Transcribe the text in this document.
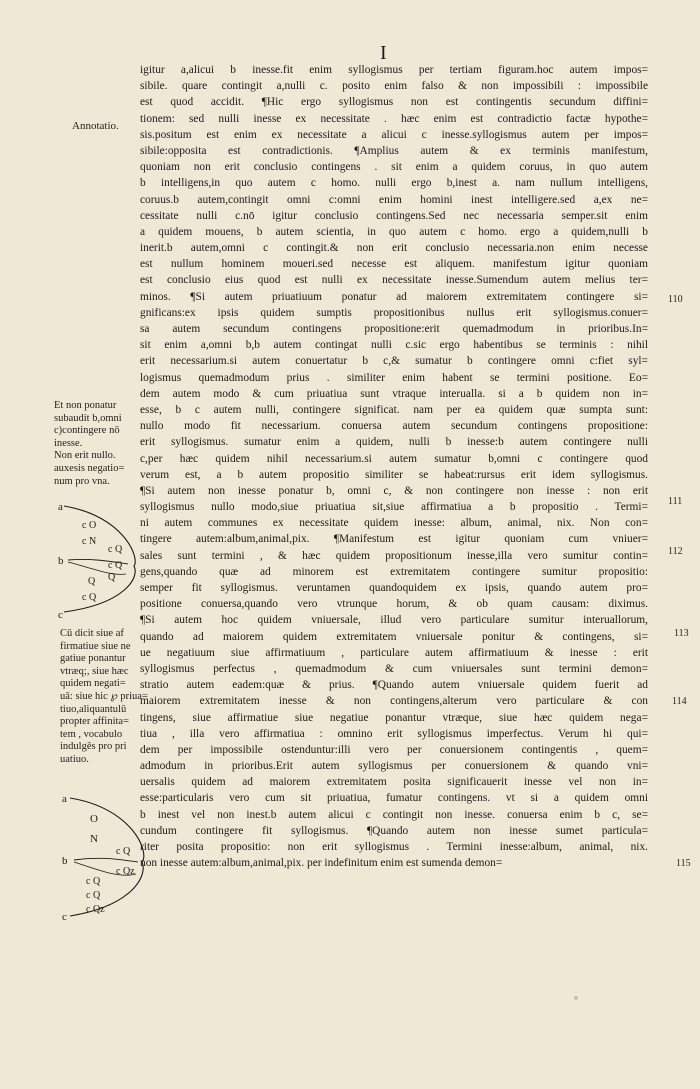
I
Annotatio.
igitur a,alicui b inesse.fit enim syllogismus per tertiam figuram.hoc autem impos=
sibile. quare contingit a,nulli c. posito enim falso & non impossibili : impossibile
est quod accidit. ¶Hic ergo syllogismus non est contingentis secundum diffini=
tionem: sed nulli inesse ex necessitate . hæc enim est contradictio factæ hypothe=
sis.positum est enim ex necessitate a alicui c inesse.syllogismus autem per impos=
sibile:opposita est contradictionis. ¶Amplius autem & ex terminis manifestum,
quoniam non erit conclusio contingens . sit enim a quidem coruus, in quo autem
b intelligens,in quo autem c homo. nulli ergo b,inest a. nam nullum intelligens,
coruus.b autem,contingit omni c:omni enim homini inest intelligere.sed a,ex ne=
cessitate nulli c.nō igitur conclusio contingens.Sed nec necessaria semper.sit enim
a quidem mouens, b autem scientia, in quo autem c homo. ergo a quidem,nulli b
inerit.b autem,omni c contingit.& non erit conclusio necessaria.non enim necesse
est nullum hominem moueri.sed necesse est aliquem. manifestum igitur quoniam
est conclusio eius quod est nulli ex necessitate inesse.Sumendum autem melius ter=
minos. ¶Si autem priuatiuum ponatur ad maiorem extremitatem contingere si=
gnificans:ex ipsis quidem sumptis propositionibus nullus erit syllogismus.conuer=
sa autem secundum contingens propositione:erit quemadmodum in prioribus.In=
sit enim a,omni b,b autem contingat nulli c.sic ergo habentibus se terminis : nihil
erit necessarium.si autem conuertatur b c,& sumatur b contingere omni c:fiet syl=
logismus quemadmodum prius . similiter enim habent se termini positione. Eo=
dem autem modo & cum priuatiua sunt vtraque interualla. si a b quidem non in=
esse, b c autem nulli, contingere significat. nam per ea quidem quæ sumpta sunt:
nullo modo fit necessarium. conuersa autem secundum contingens propositione:
erit syllogismus. sumatur enim a quidem, nulli b inesse:b autem contingere nulli
c,per hæc quidem nihil necessarium.si autem sumatur b,omni c contingere quod
verum est, a b autem propositio similiter se habeat:rursus erit idem syllogismus.
¶Si autem non inesse ponatur b, omni c, & non contingere non inesse : non erit
syllogismus nullo modo,siue priuatiua sit,siue affirmatiua a b propositio . Termi=
ni autem communes ex necessitate quidem inesse: album, animal, nix. Non con=
tingere autem:album,animal,pix. ¶Manifestum est igitur quoniam cum vniuer=
sales sunt termini , & hæc quidem propositionum inesse,illa vero sumitur contin=
gens,quando quæ ad minorem est extremitatem contingere sumitur propositio:
semper fit syllogismus. veruntamen quandoquidem ex ipsis, quando autem pro=
positione conuersa,quando vero vtrunque horum, & ob quam causam: diximus.
¶Si autem hoc quidem vniuersale, illud vero particulare sumitur interuallorum,
quando ad maiorem quidem extremitatem vniuersale ponitur & contingens, si=
ue negatiuum siue affirmatiuum , particulare autem affirmatiuum & inesse : erit
syllogismus perfectus , quemadmodum & cum vniuersales sunt termini demon=
stratio autem eadem:quæ & prius. ¶Quando autem vniuersale quidem fuerit ad
maiorem extremitatem inesse & non contingens,alterum vero particulare & con
tingens, siue affirmatiue siue negatiue ponantur vtræque, siue hæc quidem nega=
tiua , illa vero affirmatiua : omnino erit syllogismus imperfectus. Verum hi qui=
dem per impossibile ostenduntur:illi vero per conuersionem contingentis , quem=
admodum in prioribus.Erit autem syllogismus per conuersionem & quando vni=
uersalis quidem ad maiorem extremitatem posita significauerit inesse vel non in=
esse:particularis vero cum sit priuatiua, fumatur contingens. vt si a quidem omni
b inest vel non inest.b autem alicui c contingit non inesse. conuersa enim b c, se=
cundum contingere fit syllogismus. ¶Quando autem non inesse sumet particula=
riter posita propositio: non erit syllogismus . Termini inesse:album, animal, nix.
non inesse autem:album,animal,pix. per indefinitum enim est sumenda demon=

Et non ponatur

subaudit b,omni

c)contingere nō

inesse.

Non erit nullo.

auxesis negatio=

num pro vna.

Cū dicit siue af

firmatiue siue ne

gatiue ponantur

vtræq;, siue hæc

quidem negati=

uā: siue hic ℘ priua=

tiuo,aliquantulū

propter affinita=

tem , vocabulo

indulgēs pro pri

uatiuo.

a
b
c
c O
c N
Q
c Q
c Q
c Q
Q
a
b
c
O
N
c Q
c Q
c Qz
c Q
c Qz
110
111
112
113
114
115
